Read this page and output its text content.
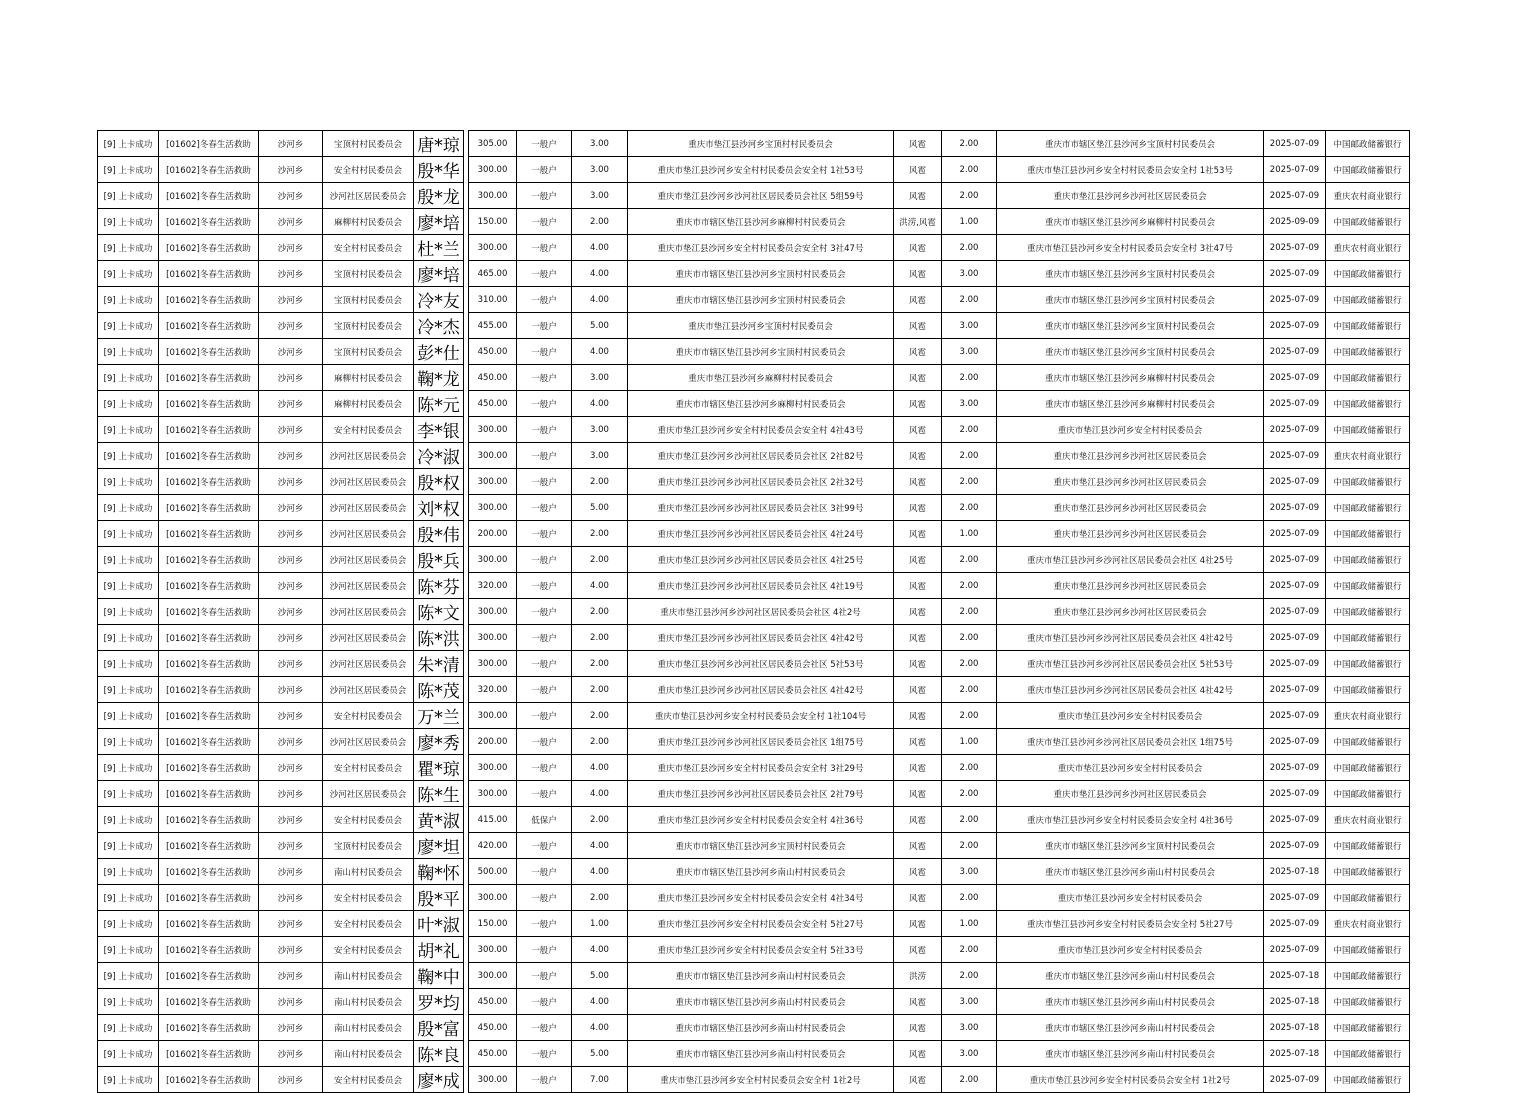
[9] 上卡成功	[01602]冬春生活救助	沙河乡	宝顶村村民委员会	唐*琼		305.00	一般户	3.00	重庆市垫江县沙河乡宝顶村村民委员会	风雹	2.00	重庆市市辖区垫江县沙河乡宝顶村村民委员会	2025-07-09	中国邮政储蓄银行
[9] 上卡成功	[01602]冬春生活救助	沙河乡	安全村村民委员会	殷*华		300.00	一般户	3.00	重庆市垫江县沙河乡安全村村民委员会安全村 1社53号	风雹	2.00	重庆市垫江县沙河乡安全村村民委员会安全村 1社53号	2025-07-09	中国邮政储蓄银行
[9] 上卡成功	[01602]冬春生活救助	沙河乡	沙河社区居民委员会	殷*龙		300.00	一般户	3.00	重庆市垫江县沙河乡沙河社区居民委员会社区 5组59号	风雹	2.00	重庆市垫江县沙河乡沙河社区居民委员会	2025-07-09	重庆农村商业银行
[9] 上卡成功	[01602]冬春生活救助	沙河乡	麻柳村村民委员会	廖*培		150.00	一般户	2.00	重庆市市辖区垫江县沙河乡麻柳村村民委员会	洪涝,风雹	1.00	重庆市市辖区垫江县沙河乡麻柳村村民委员会	2025-09-09	中国邮政储蓄银行
[9] 上卡成功	[01602]冬春生活救助	沙河乡	安全村村民委员会	杜*兰		300.00	一般户	4.00	重庆市垫江县沙河乡安全村村民委员会安全村 3社47号	风雹	2.00	重庆市垫江县沙河乡安全村村民委员会安全村 3社47号	2025-07-09	重庆农村商业银行
[9] 上卡成功	[01602]冬春生活救助	沙河乡	宝顶村村民委员会	廖*培		465.00	一般户	4.00	重庆市市辖区垫江县沙河乡宝顶村村民委员会	风雹	3.00	重庆市市辖区垫江县沙河乡宝顶村村民委员会	2025-07-09	中国邮政储蓄银行
[9] 上卡成功	[01602]冬春生活救助	沙河乡	宝顶村村民委员会	冷*友		310.00	一般户	4.00	重庆市市辖区垫江县沙河乡宝顶村村民委员会	风雹	2.00	重庆市市辖区垫江县沙河乡宝顶村村民委员会	2025-07-09	中国邮政储蓄银行
[9] 上卡成功	[01602]冬春生活救助	沙河乡	宝顶村村民委员会	冷*杰		455.00	一般户	5.00	重庆市垫江县沙河乡宝顶村村民委员会	风雹	3.00	重庆市市辖区垫江县沙河乡宝顶村村民委员会	2025-07-09	中国邮政储蓄银行
[9] 上卡成功	[01602]冬春生活救助	沙河乡	宝顶村村民委员会	彭*仕		450.00	一般户	4.00	重庆市市辖区垫江县沙河乡宝顶村村民委员会	风雹	3.00	重庆市市辖区垫江县沙河乡宝顶村村民委员会	2025-07-09	中国邮政储蓄银行
[9] 上卡成功	[01602]冬春生活救助	沙河乡	麻柳村村民委员会	鞠*龙		450.00	一般户	3.00	重庆市垫江县沙河乡麻柳村村民委员会	风雹	2.00	重庆市市辖区垫江县沙河乡麻柳村村民委员会	2025-07-09	中国邮政储蓄银行
[9] 上卡成功	[01602]冬春生活救助	沙河乡	麻柳村村民委员会	陈*元		450.00	一般户	4.00	重庆市市辖区垫江县沙河乡麻柳村村民委员会	风雹	3.00	重庆市市辖区垫江县沙河乡麻柳村村民委员会	2025-07-09	中国邮政储蓄银行
[9] 上卡成功	[01602]冬春生活救助	沙河乡	安全村村民委员会	李*银		300.00	一般户	3.00	重庆市垫江县沙河乡安全村村民委员会安全村 4社43号	风雹	2.00	重庆市垫江县沙河乡安全村村民委员会	2025-07-09	中国邮政储蓄银行
[9] 上卡成功	[01602]冬春生活救助	沙河乡	沙河社区居民委员会	冷*淑		300.00	一般户	3.00	重庆市垫江县沙河乡沙河社区居民委员会社区 2社82号	风雹	2.00	重庆市垫江县沙河乡沙河社区居民委员会	2025-07-09	重庆农村商业银行
[9] 上卡成功	[01602]冬春生活救助	沙河乡	沙河社区居民委员会	殷*权		300.00	一般户	2.00	重庆市垫江县沙河乡沙河社区居民委员会社区 2社32号	风雹	2.00	重庆市垫江县沙河乡沙河社区居民委员会	2025-07-09	中国邮政储蓄银行
[9] 上卡成功	[01602]冬春生活救助	沙河乡	沙河社区居民委员会	刘*权		300.00	一般户	5.00	重庆市垫江县沙河乡沙河社区居民委员会社区 3社99号	风雹	2.00	重庆市垫江县沙河乡沙河社区居民委员会	2025-07-09	中国邮政储蓄银行
[9] 上卡成功	[01602]冬春生活救助	沙河乡	沙河社区居民委员会	殷*伟		200.00	一般户	2.00	重庆市垫江县沙河乡沙河社区居民委员会社区 4社24号	风雹	1.00	重庆市垫江县沙河乡沙河社区居民委员会	2025-07-09	中国邮政储蓄银行
[9] 上卡成功	[01602]冬春生活救助	沙河乡	沙河社区居民委员会	殷*兵		300.00	一般户	2.00	重庆市垫江县沙河乡沙河社区居民委员会社区 4社25号	风雹	2.00	重庆市垫江县沙河乡沙河社区居民委员会社区 4社25号	2025-07-09	中国邮政储蓄银行
[9] 上卡成功	[01602]冬春生活救助	沙河乡	沙河社区居民委员会	陈*芬		320.00	一般户	4.00	重庆市垫江县沙河乡沙河社区居民委员会社区 4社19号	风雹	2.00	重庆市垫江县沙河乡沙河社区居民委员会	2025-07-09	中国邮政储蓄银行
[9] 上卡成功	[01602]冬春生活救助	沙河乡	沙河社区居民委员会	陈*文		300.00	一般户	2.00	重庆市垫江县沙河乡沙河社区居民委员会社区 4社2号	风雹	2.00	重庆市垫江县沙河乡沙河社区居民委员会	2025-07-09	中国邮政储蓄银行
[9] 上卡成功	[01602]冬春生活救助	沙河乡	沙河社区居民委员会	陈*洪		300.00	一般户	2.00	重庆市垫江县沙河乡沙河社区居民委员会社区 4社42号	风雹	2.00	重庆市垫江县沙河乡沙河社区居民委员会社区 4社42号	2025-07-09	中国邮政储蓄银行
[9] 上卡成功	[01602]冬春生活救助	沙河乡	沙河社区居民委员会	朱*清		300.00	一般户	2.00	重庆市垫江县沙河乡沙河社区居民委员会社区 5社53号	风雹	2.00	重庆市垫江县沙河乡沙河社区居民委员会社区 5社53号	2025-07-09	中国邮政储蓄银行
[9] 上卡成功	[01602]冬春生活救助	沙河乡	沙河社区居民委员会	陈*茂		320.00	一般户	2.00	重庆市垫江县沙河乡沙河社区居民委员会社区 4社42号	风雹	2.00	重庆市垫江县沙河乡沙河社区居民委员会社区 4社42号	2025-07-09	中国邮政储蓄银行
[9] 上卡成功	[01602]冬春生活救助	沙河乡	安全村村民委员会	万*兰		300.00	一般户	2.00	重庆市垫江县沙河乡安全村村民委员会安全村 1社104号	风雹	2.00	重庆市垫江县沙河乡安全村村民委员会	2025-07-09	重庆农村商业银行
[9] 上卡成功	[01602]冬春生活救助	沙河乡	沙河社区居民委员会	廖*秀		200.00	一般户	2.00	重庆市垫江县沙河乡沙河社区居民委员会社区 1组75号	风雹	1.00	重庆市垫江县沙河乡沙河社区居民委员会社区 1组75号	2025-07-09	中国邮政储蓄银行
[9] 上卡成功	[01602]冬春生活救助	沙河乡	安全村村民委员会	瞿*琼		300.00	一般户	4.00	重庆市垫江县沙河乡安全村村民委员会安全村 3社29号	风雹	2.00	重庆市垫江县沙河乡安全村村民委员会	2025-07-09	中国邮政储蓄银行
[9] 上卡成功	[01602]冬春生活救助	沙河乡	沙河社区居民委员会	陈*生		300.00	一般户	4.00	重庆市垫江县沙河乡沙河社区居民委员会社区 2社79号	风雹	2.00	重庆市垫江县沙河乡沙河社区居民委员会	2025-07-09	中国邮政储蓄银行
[9] 上卡成功	[01602]冬春生活救助	沙河乡	安全村村民委员会	黄*淑		415.00	低保户	2.00	重庆市垫江县沙河乡安全村村民委员会安全村 4社36号	风雹	2.00	重庆市垫江县沙河乡安全村村民委员会安全村 4社36号	2025-07-09	重庆农村商业银行
[9] 上卡成功	[01602]冬春生活救助	沙河乡	宝顶村村民委员会	廖*坦		420.00	一般户	4.00	重庆市市辖区垫江县沙河乡宝顶村村民委员会	风雹	2.00	重庆市市辖区垫江县沙河乡宝顶村村民委员会	2025-07-09	中国邮政储蓄银行
[9] 上卡成功	[01602]冬春生活救助	沙河乡	南山村村民委员会	鞠*怀		500.00	一般户	4.00	重庆市市辖区垫江县沙河乡南山村村民委员会	风雹	3.00	重庆市市辖区垫江县沙河乡南山村村民委员会	2025-07-18	中国邮政储蓄银行
[9] 上卡成功	[01602]冬春生活救助	沙河乡	安全村村民委员会	殷*平		300.00	一般户	2.00	重庆市垫江县沙河乡安全村村民委员会安全村 4社34号	风雹	2.00	重庆市垫江县沙河乡安全村村民委员会	2025-07-09	中国邮政储蓄银行
[9] 上卡成功	[01602]冬春生活救助	沙河乡	安全村村民委员会	叶*淑		150.00	一般户	1.00	重庆市垫江县沙河乡安全村村民委员会安全村 5社27号	风雹	1.00	重庆市垫江县沙河乡安全村村民委员会安全村 5社27号	2025-07-09	重庆农村商业银行
[9] 上卡成功	[01602]冬春生活救助	沙河乡	安全村村民委员会	胡*礼		300.00	一般户	4.00	重庆市垫江县沙河乡安全村村民委员会安全村 5社33号	风雹	2.00	重庆市垫江县沙河乡安全村村民委员会	2025-07-09	中国邮政储蓄银行
[9] 上卡成功	[01602]冬春生活救助	沙河乡	南山村村民委员会	鞠*中		300.00	一般户	5.00	重庆市市辖区垫江县沙河乡南山村村民委员会	洪涝	2.00	重庆市市辖区垫江县沙河乡南山村村民委员会	2025-07-18	中国邮政储蓄银行
[9] 上卡成功	[01602]冬春生活救助	沙河乡	南山村村民委员会	罗*均		450.00	一般户	4.00	重庆市市辖区垫江县沙河乡南山村村民委员会	风雹	3.00	重庆市市辖区垫江县沙河乡南山村村民委员会	2025-07-18	中国邮政储蓄银行
[9] 上卡成功	[01602]冬春生活救助	沙河乡	南山村村民委员会	殷*富		450.00	一般户	4.00	重庆市市辖区垫江县沙河乡南山村村民委员会	风雹	3.00	重庆市市辖区垫江县沙河乡南山村村民委员会	2025-07-18	中国邮政储蓄银行
[9] 上卡成功	[01602]冬春生活救助	沙河乡	南山村村民委员会	陈*良		450.00	一般户	5.00	重庆市市辖区垫江县沙河乡南山村村民委员会	风雹	3.00	重庆市市辖区垫江县沙河乡南山村村民委员会	2025-07-18	中国邮政储蓄银行
[9] 上卡成功	[01602]冬春生活救助	沙河乡	安全村村民委员会	廖*成		300.00	一般户	7.00	重庆市垫江县沙河乡安全村村民委员会安全村 1社2号	风雹	2.00	重庆市垫江县沙河乡安全村村民委员会安全村 1社2号	2025-07-09	中国邮政储蓄银行
